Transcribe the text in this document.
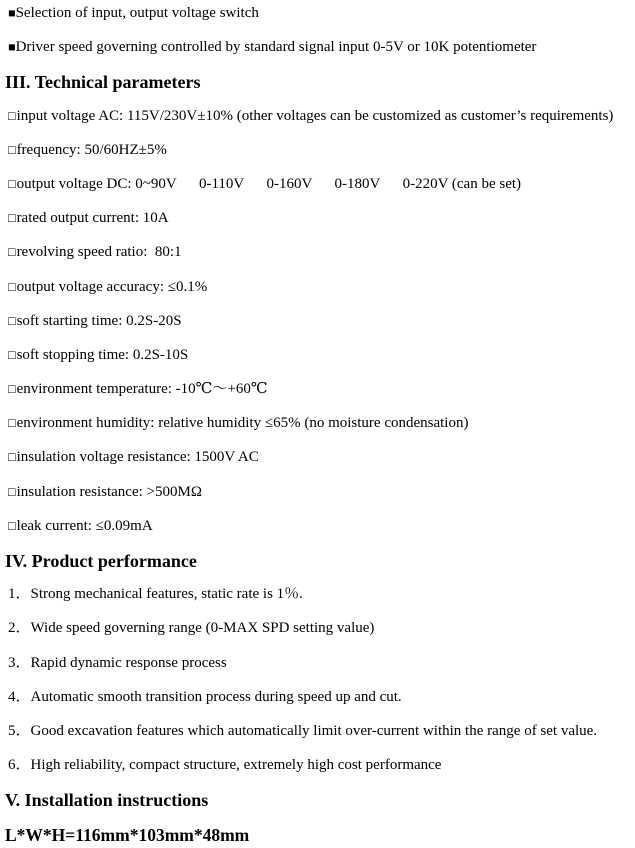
■Selection of input, output voltage switch
■Driver speed governing controlled by standard signal input 0-5V or 10K potentiometer
III. Technical parameters
□input voltage AC: 115V/230V±10% (other voltages can be customized as customer’s requirements)
□frequency: 50/60HZ±5%
□output voltage DC: 0~90V      0-110V      0-160V      0-180V      0-220V (can be set)
□rated output current: 10A
□revolving speed ratio:  80:1
□output voltage accuracy: ≤0.1%
□soft starting time: 0.2S-20S
□soft stopping time: 0.2S-10S
□environment temperature: -10℃～+60℃
□environment humidity: relative humidity ≤65% (no moisture condensation)
□insulation voltage resistance: 1500V AC
□insulation resistance: >500MΩ
□leak current: ≤0.09mA
IV. Product performance
1．Strong mechanical features, static rate is 1％.
2．Wide speed governing range (0-MAX SPD setting value)
3．Rapid dynamic response process
4．Automatic smooth transition process during speed up and cut.
5．Good excavation features which automatically limit over-current within the range of set value.
6．High reliability, compact structure, extremely high cost performance
V. Installation instructions
L*W*H=116mm*103mm*48mm
